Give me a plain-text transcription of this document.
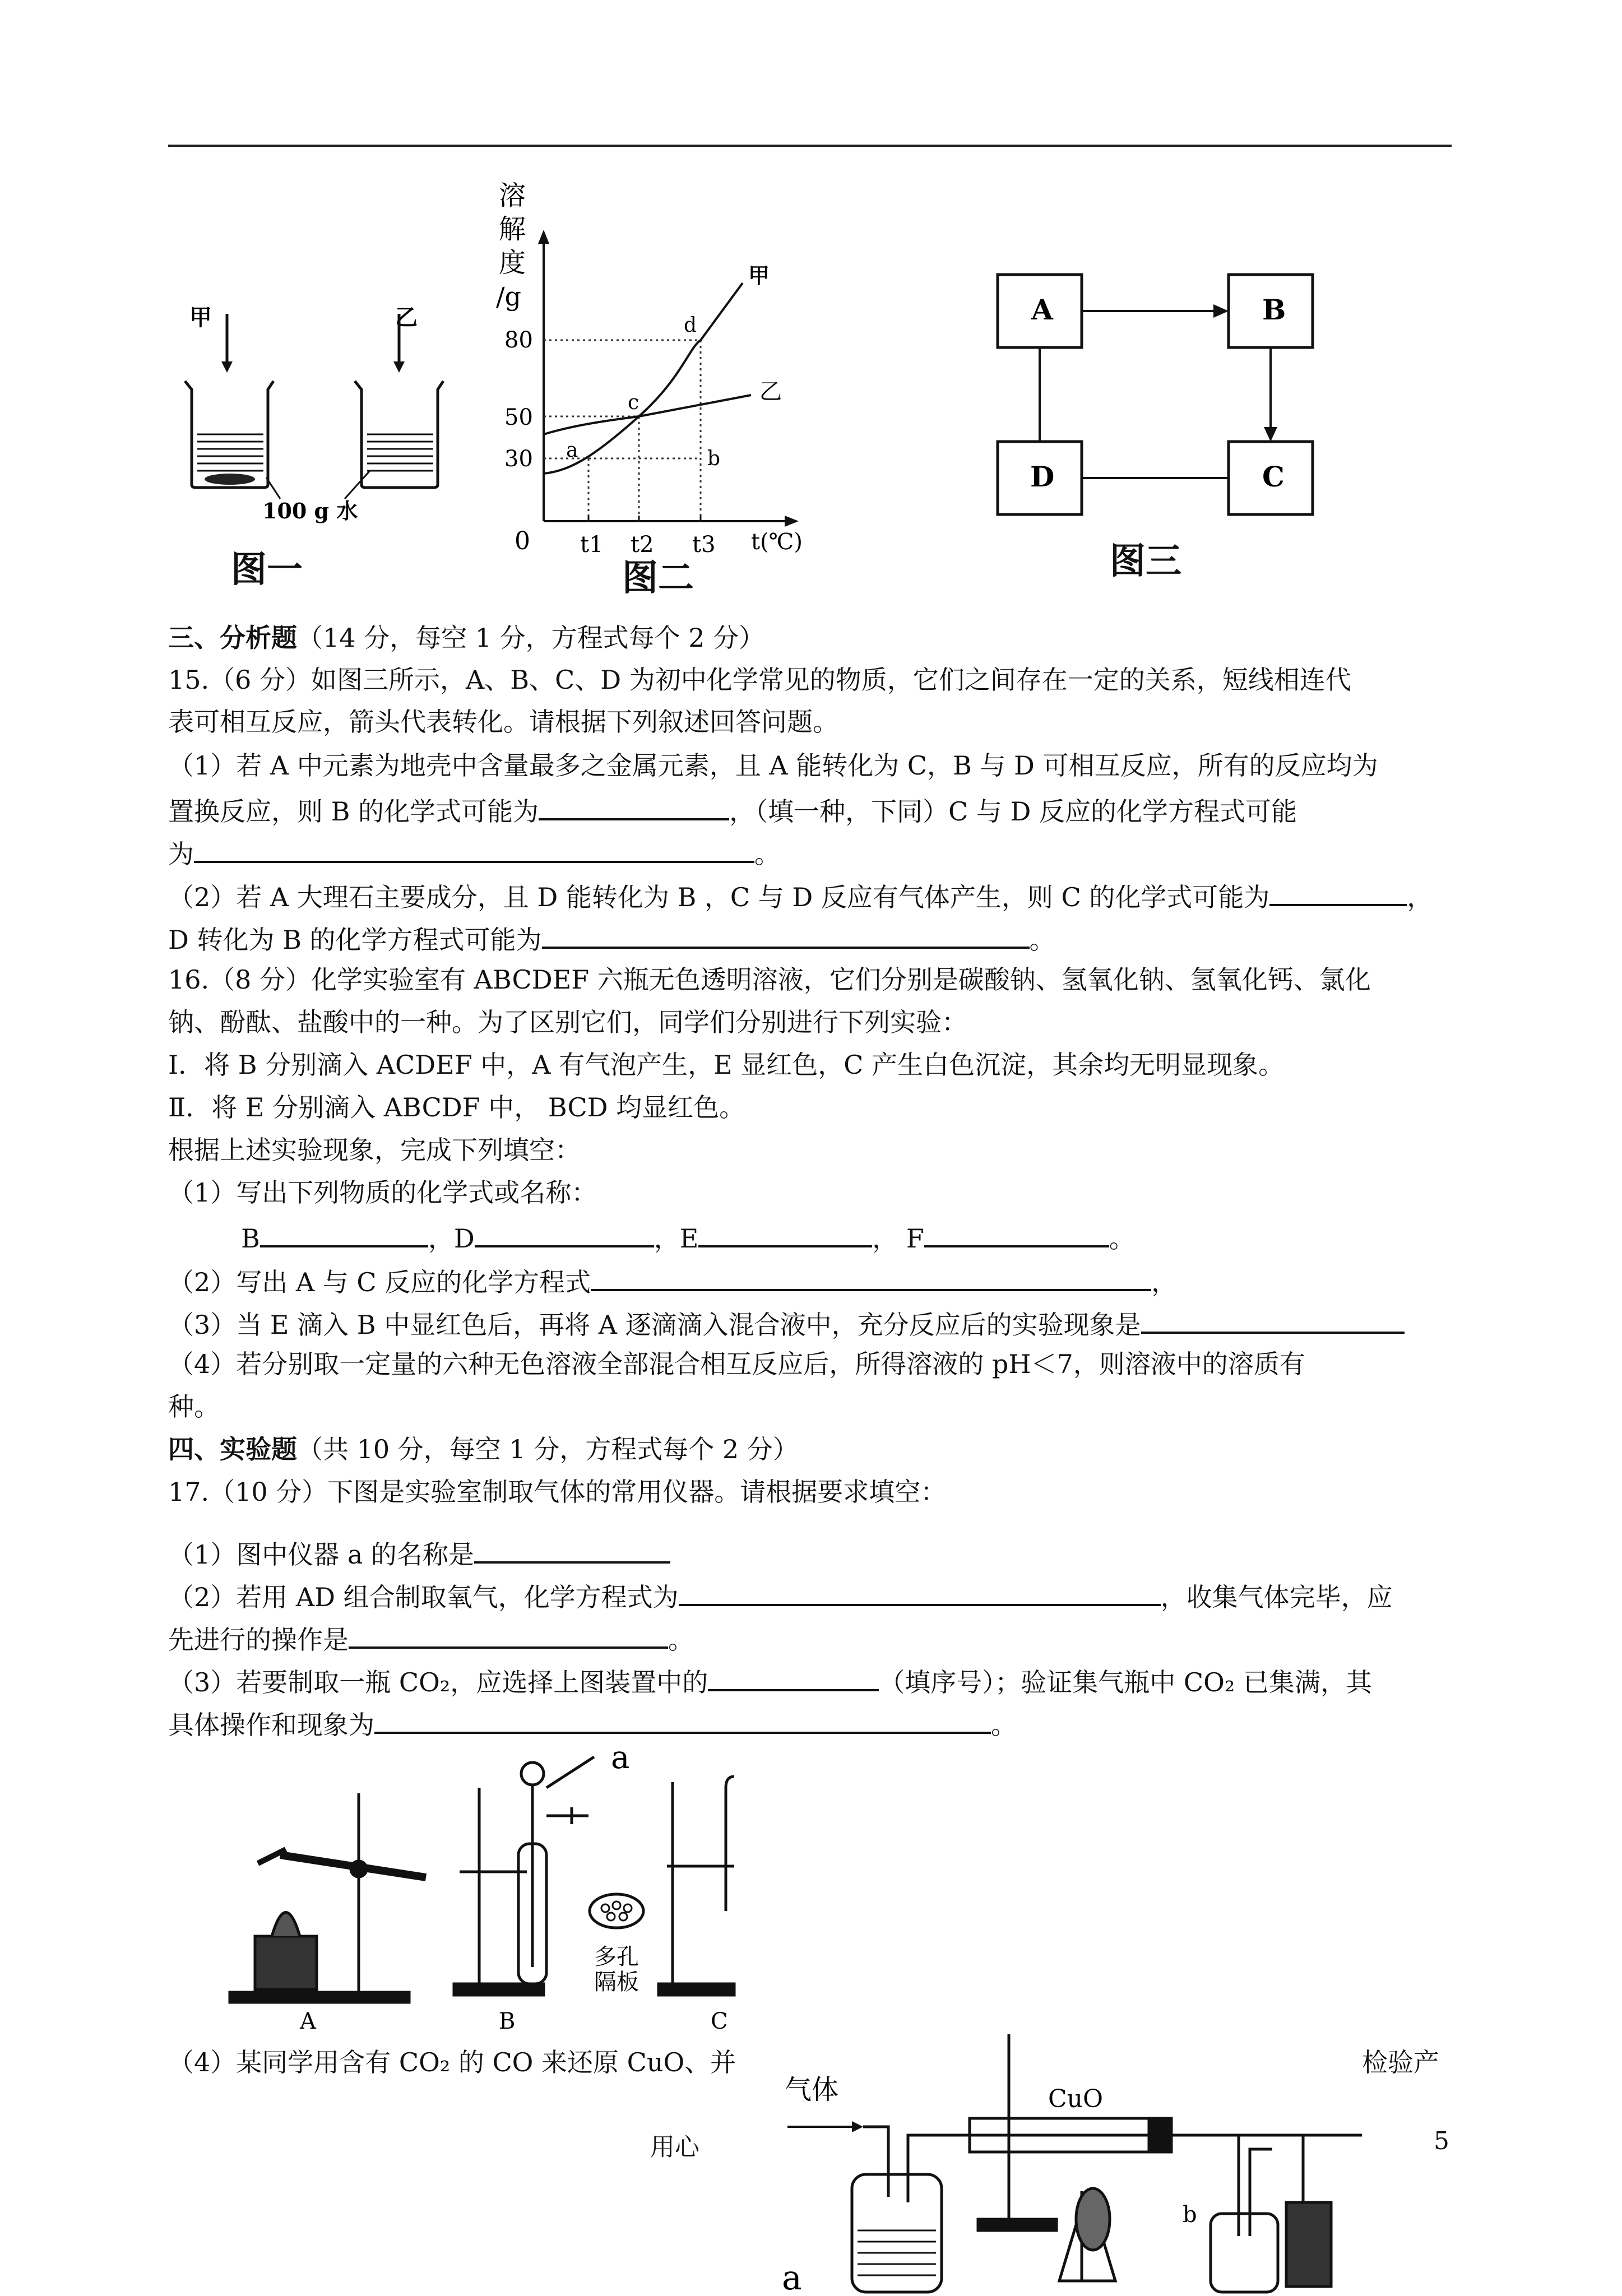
甲	乙
100 g 水
图一
溶
解
度
/g
甲
乙
80
50
30
0 t1 t2 t3 t(℃)
a	b
c
d
图二
A	B
C
D
图三
三、分析题（14 分，每空 1 分，方程式每个 2 分）
15.（6 分）如图三所示，A、B、C、D 为初中化学常见的物质，它们之间存在一定的关系，短线相连代
表可相互反应，箭头代表转化。请根据下列叙述回答问题。
（1）若 A 中元素为地壳中含量最多之金属元素，且 A 能转化为 C，B 与 D 可相互反应，所有的反应均为
置换反应，则 B 的化学式可能为	，（填一种，下同）C 与 D 反应的化学方程式可能
为	。
（2）若 A 大理石主要成分，且 D 能转化为 B ，C 与 D 反应有气体产生，则 C 的化学式可能为	，
D 转化为 B 的化学方程式可能为	。
16.（8 分）化学实验室有 ABCDEF 六瓶无色透明溶液，它们分别是碳酸钠、氢氧化钠、氢氧化钙、氯化
钠、酚酞、盐酸中的一种。为了区别它们，同学们分别进行下列实验：
Ⅰ．将 B 分别滴入 ACDEF 中，A 有气泡产生，E 显红色，C 产生白色沉淀，其余均无明显现象。
Ⅱ．将 E 分别滴入 ABCDF 中， BCD 均显红色。
根据上述实验现象，完成下列填空：
（1）写出下列物质的化学式或名称：
B	，D	，E	， F	。
（2）写出 A 与 C 反应的化学方程式	，
（3）当 E 滴入 B 中显红色后，再将 A 逐滴滴入混合液中，充分反应后的实验现象是
（4）若分别取一定量的六种无色溶液全部混合相互反应后，所得溶液的 pH＜7，则溶液中的溶质有
种。
四、实验题（共 10 分，每空 1 分，方程式每个 2 分）
17.（10 分）下图是实验室制取气体的常用仪器。请根据要求填空：
（1）图中仪器 a 的名称是
（2）若用 AD 组合制取氧气，化学方程式为	，收集气体完毕，应
先进行的操作是	。
（3）若要制取一瓶 CO₂，应选择上图装置中的	（填序号）；验证集气瓶中 CO₂ 已集满，其
具体操作和现象为	。
a
多孔
隔板
A	B	C
（4）某同学用含有 CO₂ 的 CO 来还原 CuO、并	检验产
气体	CuO
a
b
用心	5
